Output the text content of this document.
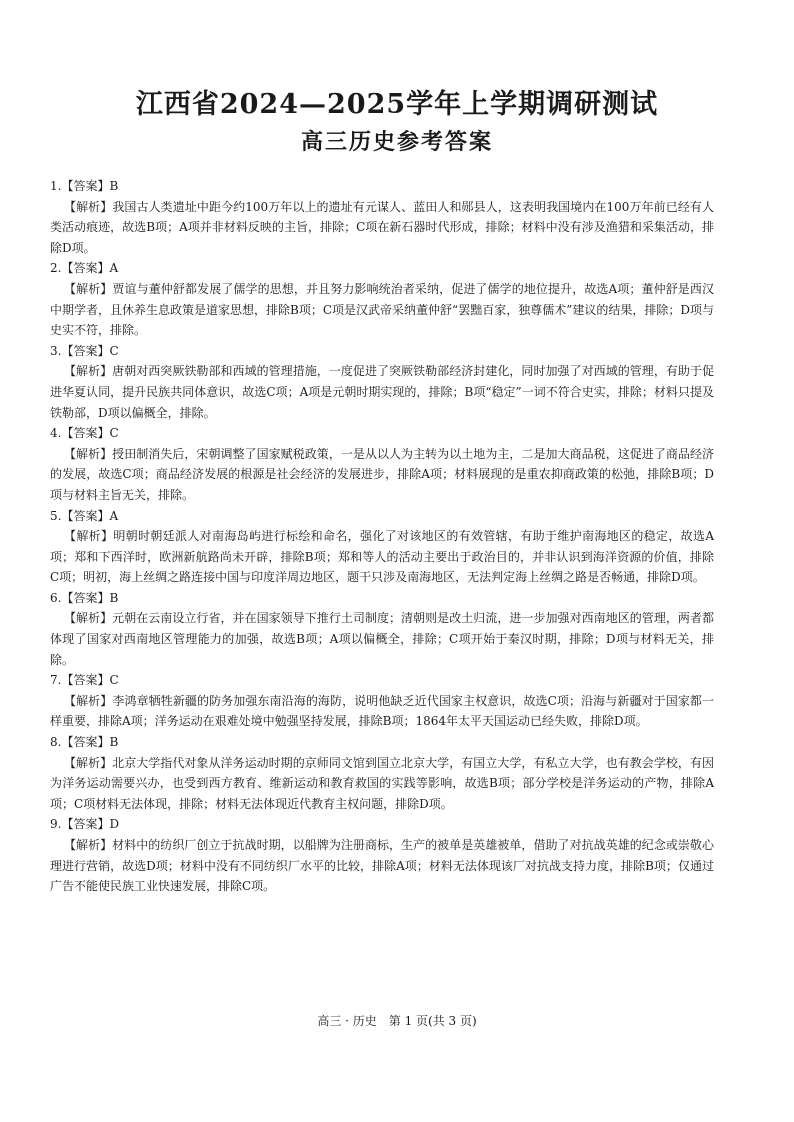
江西省2024—2025学年上学期调研测试
高三历史参考答案
1.【答案】B
【解析】我国古人类遗址中距今约100万年以上的遗址有元谋人、蓝田人和郧县人，这表明我国境内在100万年前已经有人类活动痕迹，故选B项；A项并非材料反映的主旨，排除；C项在新石器时代形成，排除；材料中没有涉及渔猎和采集活动，排除D项。
2.【答案】A
【解析】贾谊与董仲舒都发展了儒学的思想，并且努力影响统治者采纳，促进了儒学的地位提升，故选A项；董仲舒是西汉中期学者，且休养生息政策是道家思想，排除B项；C项是汉武帝采纳董仲舒“罢黜百家，独尊儒术”建议的结果，排除；D项与史实不符，排除。
3.【答案】C
【解析】唐朝对西突厥铁勒部和西域的管理措施，一度促进了突厥铁勒部经济封建化，同时加强了对西域的管理，有助于促进华夏认同，提升民族共同体意识，故选C项；A项是元朝时期实现的，排除；B项“稳定”一词不符合史实，排除；材料只提及铁勒部，D项以偏概全，排除。
4.【答案】C
【解析】授田制消失后，宋朝调整了国家赋税政策，一是从以人为主转为以土地为主，二是加大商品税，这促进了商品经济的发展，故选C项；商品经济发展的根源是社会经济的发展进步，排除A项；材料展现的是重农抑商政策的松弛，排除B项；D项与材料主旨无关，排除。
5.【答案】A
【解析】明朝时朝廷派人对南海岛屿进行标绘和命名，强化了对该地区的有效管辖，有助于维护南海地区的稳定，故选A项；郑和下西洋时，欧洲新航路尚未开辟，排除B项；郑和等人的活动主要出于政治目的，并非认识到海洋资源的价值，排除C项；明初，海上丝绸之路连接中国与印度洋周边地区，题干只涉及南海地区，无法判定海上丝绸之路是否畅通，排除D项。
6.【答案】B
【解析】元朝在云南设立行省，并在国家领导下推行土司制度；清朝则是改土归流，进一步加强对西南地区的管理，两者都体现了国家对西南地区管理能力的加强，故选B项；A项以偏概全，排除；C项开始于秦汉时期，排除；D项与材料无关，排除。
7.【答案】C
【解析】李鸿章牺牲新疆的防务加强东南沿海的海防，说明他缺乏近代国家主权意识，故选C项；沿海与新疆对于国家都一样重要，排除A项；洋务运动在艰难处境中勉强坚持发展，排除B项；1864年太平天国运动已经失败，排除D项。
8.【答案】B
【解析】北京大学指代对象从洋务运动时期的京师同文馆到国立北京大学，有国立大学，有私立大学，也有教会学校，有因为洋务运动需要兴办，也受到西方教育、维新运动和教育救国的实践等影响，故选B项；部分学校是洋务运动的产物，排除A项；C项材料无法体现，排除；材料无法体现近代教育主权问题，排除D项。
9.【答案】D
【解析】材料中的纺织厂创立于抗战时期，以船牌为注册商标，生产的被单是英雄被单，借助了对抗战英雄的纪念或崇敬心理进行营销，故选D项；材料中没有不同纺织厂水平的比较，排除A项；材料无法体现该厂对抗战支持力度，排除B项；仅通过广告不能使民族工业快速发展，排除C项。
高三 · 历史　第 1 页(共 3 页)
